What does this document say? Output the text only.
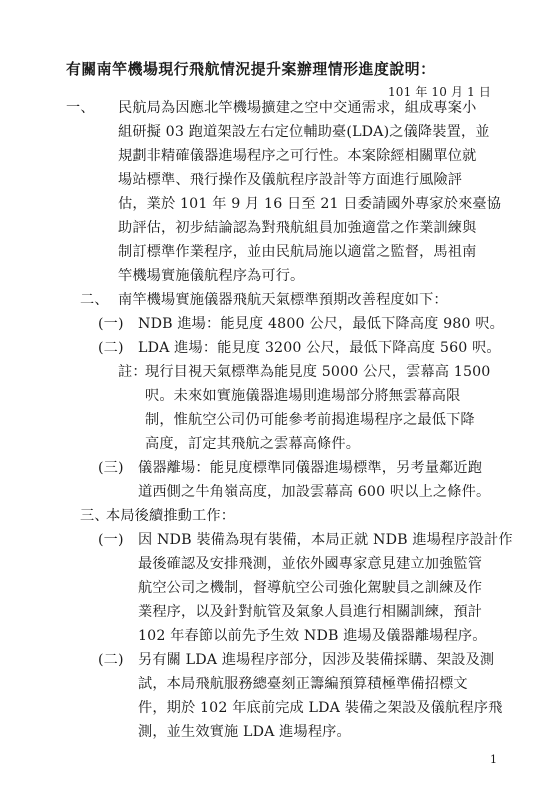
有關南竿機場現行飛航情況提升案辦理情形進度說明：
101 年 10 月 1 日
一、 民航局為因應北竿機場擴建之空中交通需求，組成專案小
組研擬 03 跑道架設左右定位輔助臺(LDA)之儀降裝置，並
規劃非精確儀器進場程序之可行性。本案除經相關單位就
場站標準、飛行操作及儀航程序設計等方面進行風險評
估，業於 101 年 9 月 16 日至 21 日委請國外專家於來臺協
助評估，初步結論認為對飛航組員加強適當之作業訓練與
制訂標準作業程序，並由民航局施以適當之監督，馬祖南
竿機場實施儀航程序為可行。
二、 南竿機場實施儀器飛航天氣標準預期改善程度如下：
(一) NDB 進場：能見度 4800 公尺，最低下降高度 980 呎。
(二) LDA 進場：能見度 3200 公尺，最低下降高度 560 呎。
註：
現行目視天氣標準為能見度 5000 公尺，雲幕高 1500
呎。未來如實施儀器進場則進場部分將無雲幕高限
制，惟航空公司仍可能參考前揭進場程序之最低下降
高度，訂定其飛航之雲幕高條件。
(三) 儀器離場：能見度標準同儀器進場標準，另考量鄰近跑
道西側之牛角嶺高度，加設雲幕高 600 呎以上之條件。
三、
本局後續推動工作：
(一) 因 NDB 裝備為現有裝備，本局正就 NDB 進場程序設計作
最後確認及安排飛測，並依外國專家意見建立加強監管
航空公司之機制，督導航空公司強化駕駛員之訓練及作
業程序，以及針對航管及氣象人員進行相關訓練，預計
102 年春節以前先予生效 NDB 進場及儀器離場程序。
(二) 另有關 LDA 進場程序部分，因涉及裝備採購、架設及測
試，本局飛航服務總臺刻正籌編預算積極準備招標文
件，期於 102 年底前完成 LDA 裝備之架設及儀航程序飛
測，並生效實施 LDA 進場程序。
1
